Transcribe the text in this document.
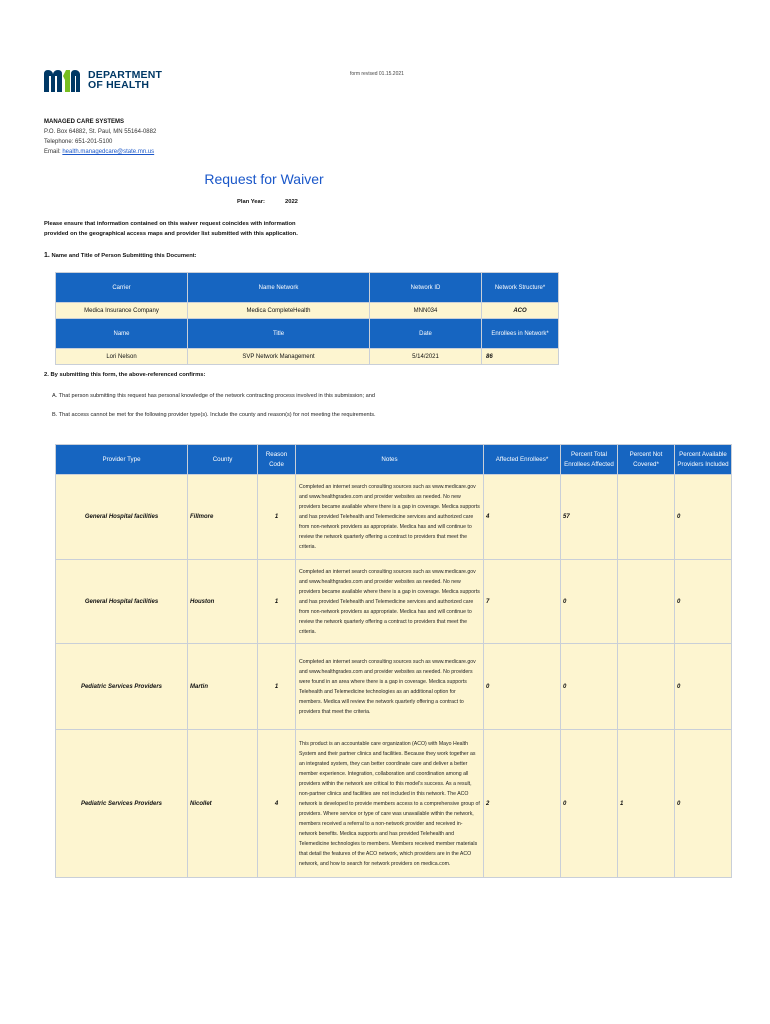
DEPARTMENT
OF HEALTH
form revised 01.15.2021
MANAGED CARE SYSTEMS
P.O. Box 64882, St. Paul, MN 55164-0882
Telephone: 651-201-5100
Email: health.managedcare@state.mn.us
Request for Waiver
Plan Year:	2022
Please ensure that information contained on this waiver request coincides with information provided on the geographical access maps and provider list submitted with this application.
1. Name and Title of Person Submitting this Document:
Carrier	Name Network	Network ID	Network Structure*
Medica Insurance Company	Medica CompleteHealth	MNN034	ACO
Name	Title	Date	Enrollees in Network*
Lori Nelson	SVP Network Management	5/14/2021	86
2. By submitting this form, the above-referenced confirms:
A. That person submitting this request has personal knowledge of the network contracting process involved in this submission; and
B. That access cannot be met for the following provider type(s). Include the county and reason(s) for not meeting the requirements.
Provider Type	County	Reason Code	Notes	Affected Enrollees*	Percent Total Enrollees Affected	Percent Not Covered*	Percent Available Providers Included
General Hospital facilities	Fillmore	1	Completed an internet search consulting sources such as www.medicare.gov and www.healthgrades.com and provider websites as needed. No new providers became available where there is a gap in coverage. Medica supports and has provided Telehealth and Telemedicine services and authorized care from non-network providers as appropriate. Medica has and will continue to review the network quarterly offering a contract to providers that meet the criteria.	4	57		0
General Hospital facilities	Houston	1	Completed an internet search consulting sources such as www.medicare.gov and www.healthgrades.com and provider websites as needed. No new providers became available where there is a gap in coverage. Medica supports and has provided Telehealth and Telemedicine services and authorized care from non-network providers as appropriate. Medica has and will continue to review the network quarterly offering a contract to providers that meet the criteria.	7	0		0
Pediatric Services Providers	Martin	1	Completed an internet search consulting sources such as www.medicare.gov and www.healthgrades.com and provider websites as needed. No providers were found in an area where there is a gap in coverage. Medica supports Telehealth and Telemedicine technologies as an additional option for members. Medica will review the network quarterly offering a contract to providers that meet the criteria.	0	0		0
Pediatric Services Providers	Nicollet	4	This product is an accountable care organization (ACO) with Mayo Health System and their partner clinics and facilities. Because they work together as an integrated system, they can better coordinate care and deliver a better member experience. Integration, collaboration and coordination among all providers within the network are critical to this model's success. As a result, non-partner clinics and facilities are not included in this network. The ACO network is developed to provide members access to a comprehensive group of providers. Where service or type of care was unavailable within the network, members received a referral to a non-network provider and received in-network benefits. Medica supports and has provided Telehealth and Telemedicine technologies to members. Members received member materials that detail the features of the ACO network, which providers are in the ACO network, and how to search for network providers on medica.com.	2	0	1	0
